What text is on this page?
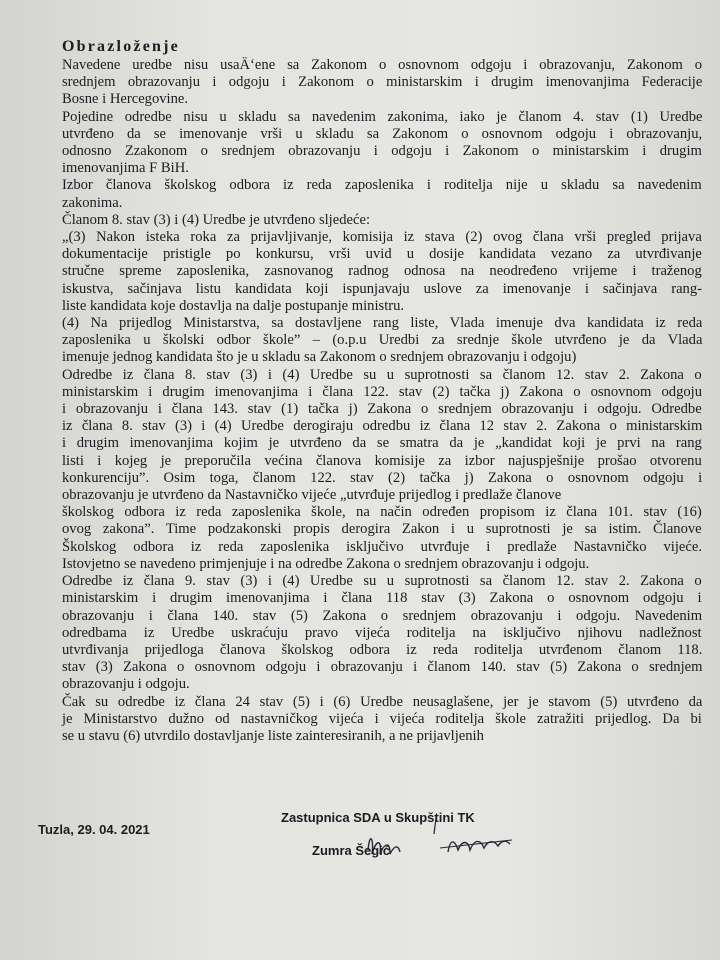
Obrazloženje
Navedene uredbe nisu usaÄ‘ene sa Zakonom o osnovnom odgoju i obrazovanju, Zakonom o
srednjem obrazovanju i odgoju i Zakonom o ministarskim i drugim imenovanjima Federacije
Bosne i Hercegovine.
Pojedine odredbe nisu u skladu sa navedenim zakonima, iako je članom 4. stav (1) Uredbe
utvrđeno da se imenovanje vrši u skladu sa Zakonom o osnovnom odgoju i obrazovanju,
odnosno Zzakonom o srednjem obrazovanju i odgoju i Zakonom o ministarskim i drugim
imenovanjima F BiH.
Izbor članova školskog odbora iz reda zaposlenika i roditelja nije u skladu sa navedenim
zakonima.
Članom 8. stav (3) i (4) Uredbe je utvrđeno sljedeće:
„(3) Nakon isteka roka za prijavljivanje, komisija iz stava (2) ovog člana vrši pregled prijava
dokumentacije pristigle po konkursu, vrši uvid u dosije kandidata vezano za utvrđivanje
stručne spreme zaposlenika, zasnovanog radnog odnosa na neodređeno vrijeme i traženog
iskustva, sačinjava listu kandidata koji ispunjavaju uslove za imenovanje i sačinjava rang-
liste kandidata koje dostavlja na dalje postupanje ministru.
(4) Na prijedlog Ministarstva, sa dostavljene rang liste, Vlada imenuje dva kandidata iz reda
zaposlenika u školski odbor škole” – (o.p.u Uredbi za srednje škole utvrđeno je da Vlada
imenuje jednog kandidata što je u skladu sa Zakonom o srednjem obrazovanju i odgoju)
Odredbe iz člana 8. stav (3) i (4) Uredbe su u suprotnosti sa članom 12. stav 2. Zakona o
ministarskim i drugim imenovanjima i člana 122. stav (2) tačka j) Zakona o osnovnom odgoju
i obrazovanju i člana 143. stav (1) tačka j) Zakona o srednjem obrazovanju i odgoju. Odredbe
iz člana 8. stav (3) i (4) Uredbe derogiraju odredbu iz člana 12 stav 2. Zakona o ministarskim
i drugim imenovanjima kojim je utvrđeno da se smatra da je „kandidat koji je prvi na rang
listi i kojeg je preporučila većina članova komisije za izbor najuspješnije prošao otvorenu
konkurenciju”. Osim toga, članom 122. stav (2) tačka j) Zakona o osnovnom odgoju i
obrazovanju je utvrđeno da Nastavničko vijeće „utvrđuje prijedlog i predlaže članove
školskog odbora iz reda zaposlenika škole, na način određen propisom iz člana 101. stav (16)
ovog zakona”. Time podzakonski propis derogira Zakon i u suprotnosti je sa istim. Članove
Školskog odbora iz reda zaposlenika isključivo utvrđuje i predlaže Nastavničko vijeće.
Istovjetno se navedeno primjenjuje i na odredbe Zakona o srednjem obrazovanju i odgoju.
Odredbe iz člana 9. stav (3) i (4) Uredbe su u suprotnosti sa članom 12. stav 2. Zakona o
ministarskim i drugim imenovanjima i člana 118 stav (3) Zakona o osnovnom odgoju i
obrazovanju i člana 140. stav (5) Zakona o srednjem obrazovanju i odgoju. Navedenim
odredbama iz Uredbe uskraćuju pravo vijeća roditelja na isključivo njihovu nadležnost
utvrđivanja prijedloga članova školskog odbora iz reda roditelja utvrđenom članom 118.
stav (3) Zakona o osnovnom odgoju i obrazovanju i članom 140. stav (5) Zakona o srednjem
obrazovanju i odgoju.
Čak su odredbe iz člana 24 stav (5) i (6) Uredbe neusaglašene, jer je stavom (5) utvrđeno da
je Ministarstvo dužno od nastavničkog vijeća i vijeća roditelja škole zatražiti prijedlog. Da bi
se u stavu (6) utvrdilo dostavljanje liste zainteresiranih, a ne prijavljenih
Tuzla, 29. 04. 2021
Zastupnica SDA u Skupštini TK
Zumra Šegić
